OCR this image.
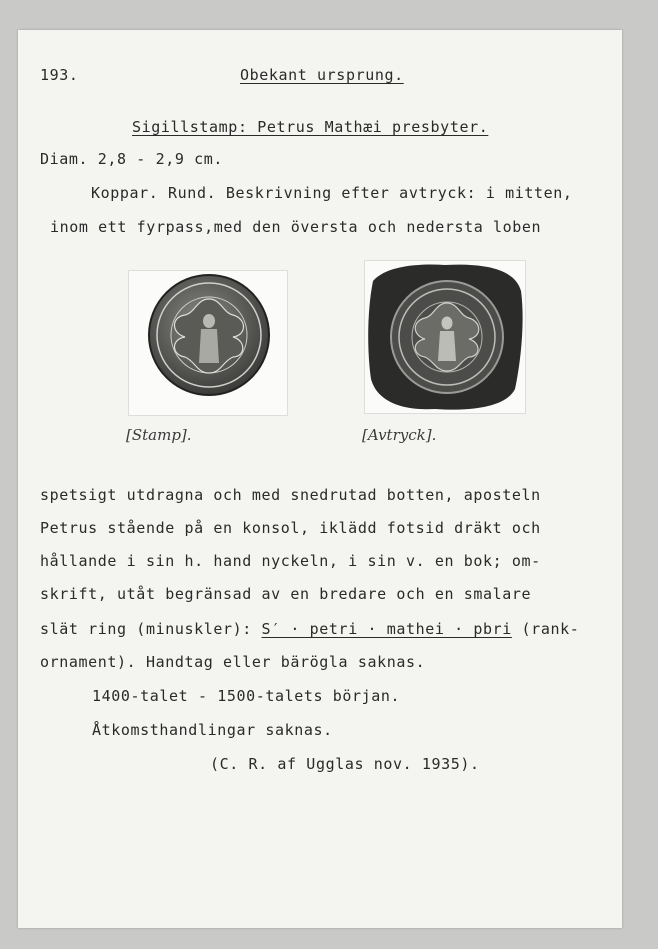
193.	Obekant ursprung.
Sigillstamp: Petrus Mathæi presbyter.
Diam. 2,8 - 2,9 cm.
Koppar. Rund. Beskrivning efter avtryck: i mitten,
inom ett fyrpass,med den översta och nedersta loben
[Stamp].	[Avtryck].
spetsigt utdragna och med snedrutad botten, aposteln
Petrus stående på en konsol, iklädd fotsid dräkt och
hållande i sin h. hand nyckeln, i sin v. en bok; om-
skrift, utåt begränsad av en bredare och en smalare
slät ring (minuskler): S′ · petri · mathei · pbri (rank-
ornament). Handtag eller bärögla saknas.
1400-talet - 1500-talets början.
Åtkomsthandlingar saknas.
(C. R. af Ugglas nov. 1935).
